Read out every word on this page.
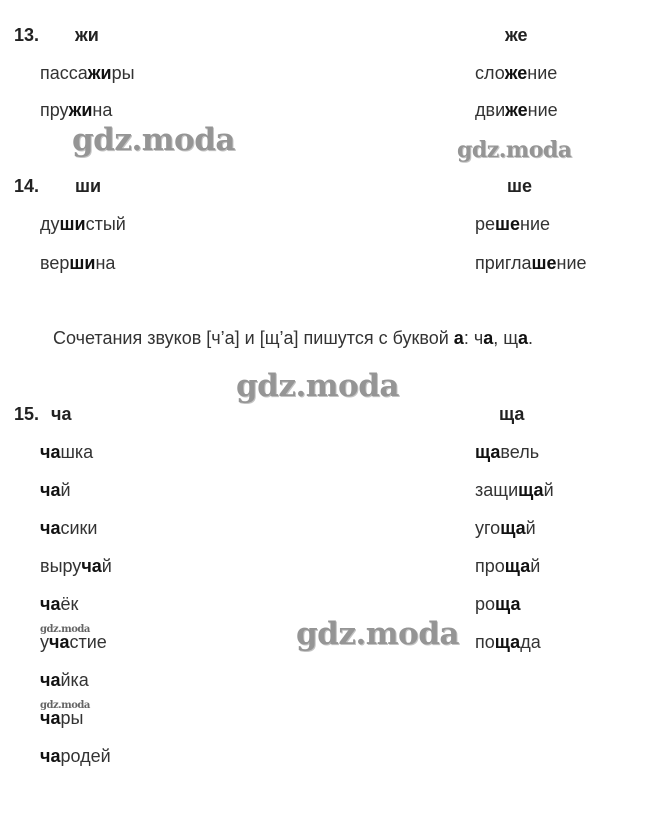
13. жи	же
пассажиры
пружина
сложение
движение
gdz.moda	gdz.moda
14. ши	ше
душистый
вершина
решение
приглашение
Сочетания звуков [ч’а] и [щ’а] пишутся с буквой а: ча, ща.
gdz.moda
15. ча	ща
чашка
чай
часики
выручай
чаёк
участие
чайка
чары
чародей
щавель
защищай
угощай
прощай
роща
пощада
gdz.moda
gdz.moda
gdz.moda
